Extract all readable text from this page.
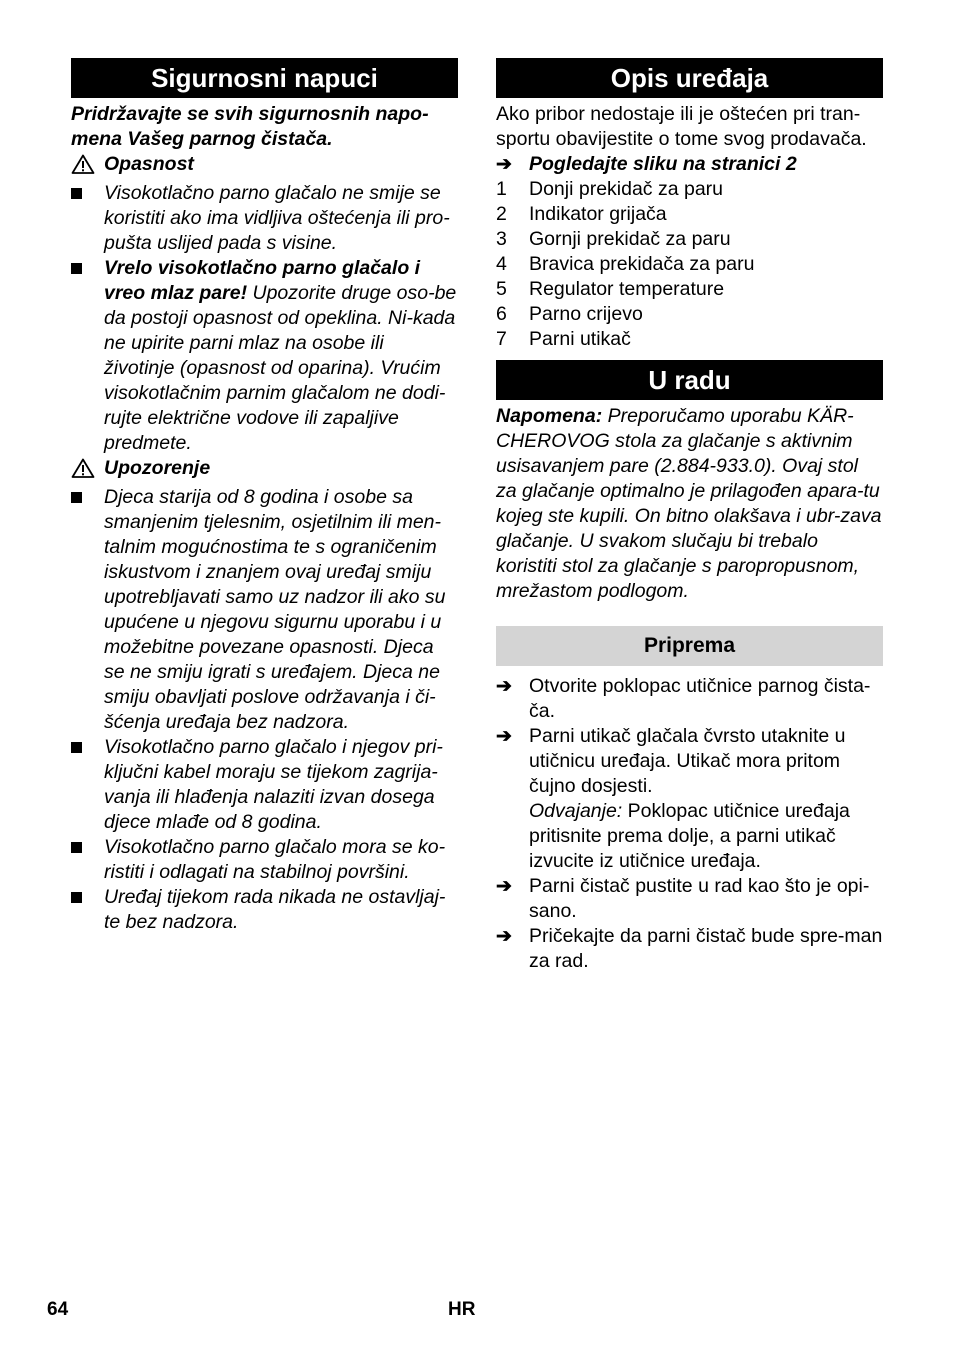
Sigurnosni napuci

Pridržavajte se svih sigurnosnih napo-mena Vašeg parnog čistača.

Opasnost
Visokotlačno parno glačalo ne smije se koristiti ako ima vidljiva oštećenja ili pro-pušta uslijed pada s visine.
Vrelo visokotlačno parno glačalo i vreo mlaz pare! Upozorite druge oso-be da postoji opasnost od opeklina. Ni-kada ne upirite parni mlaz na osobe ili životinje (opasnost od oparina). Vrućim visokotlačnim parnim glačalom ne dodi-rujte električne vodove ili zapaljive predmete.
Upozorenje
Djeca starija od 8 godina i osobe sa smanjenim tjelesnim, osjetilnim ili men-talnim mogućnostima te s ograničenim iskustvom i znanjem ovaj uređaj smiju upotrebljavati samo uz nadzor ili ako su upućene u njegovu sigurnu uporabu i u možebitne povezane opasnosti. Djeca se ne smiju igrati s uređajem. Djeca ne smiju obavljati poslove održavanja i či-šćenja uređaja bez nadzora.
Visokotlačno parno glačalo i njegov pri-ključni kabel moraju se tijekom zagrija-vanja ili hlađenja nalaziti izvan dosega djece mlađe od 8 godina.
Visokotlačno parno glačalo mora se ko-ristiti i odlagati na stabilnoj površini.
Uređaj tijekom rada nikada ne ostavljaj-te bez nadzora.
Opis uređaja

Ako pribor nedostaje ili je oštećen pri tran-sportu obavijestite o tome svog prodavača.

➔ Pogledajte sliku na stranici 2
1	Donji prekidač za paru
2	Indikator grijača
3	Gornji prekidač za paru
4	Bravica prekidača za paru
5	Regulator temperature
6	Parno crijevo
7	Parni utikač
U radu

Napomena: Preporučamo uporabu KÄR-CHEROVOG stola za glačanje s aktivnim usisavanjem pare (2.884-933.0). Ovaj stol za glačanje optimalno je prilagođen apara-tu kojeg ste kupili. On bitno olakšava i ubr-zava glačanje. U svakom slučaju bi trebalo koristiti stol za glačanje s paropropusnom, mrežastom podlogom.

Priprema
➔ Otvorite poklopac utičnice parnog čista-ča.
➔ Parni utikač glačala čvrsto utaknite u utičnicu uređaja. Utikač mora pritom čujno dosjesti.
Odvajanje: Poklopac utičnice uređaja pritisnite prema dolje, a parni utikač izvucite iz utičnice uređaja.
➔ Parni čistač pustite u rad kao što je opi-sano.
➔ Pričekajte da parni čistač bude spre-man za rad.
64	HR
